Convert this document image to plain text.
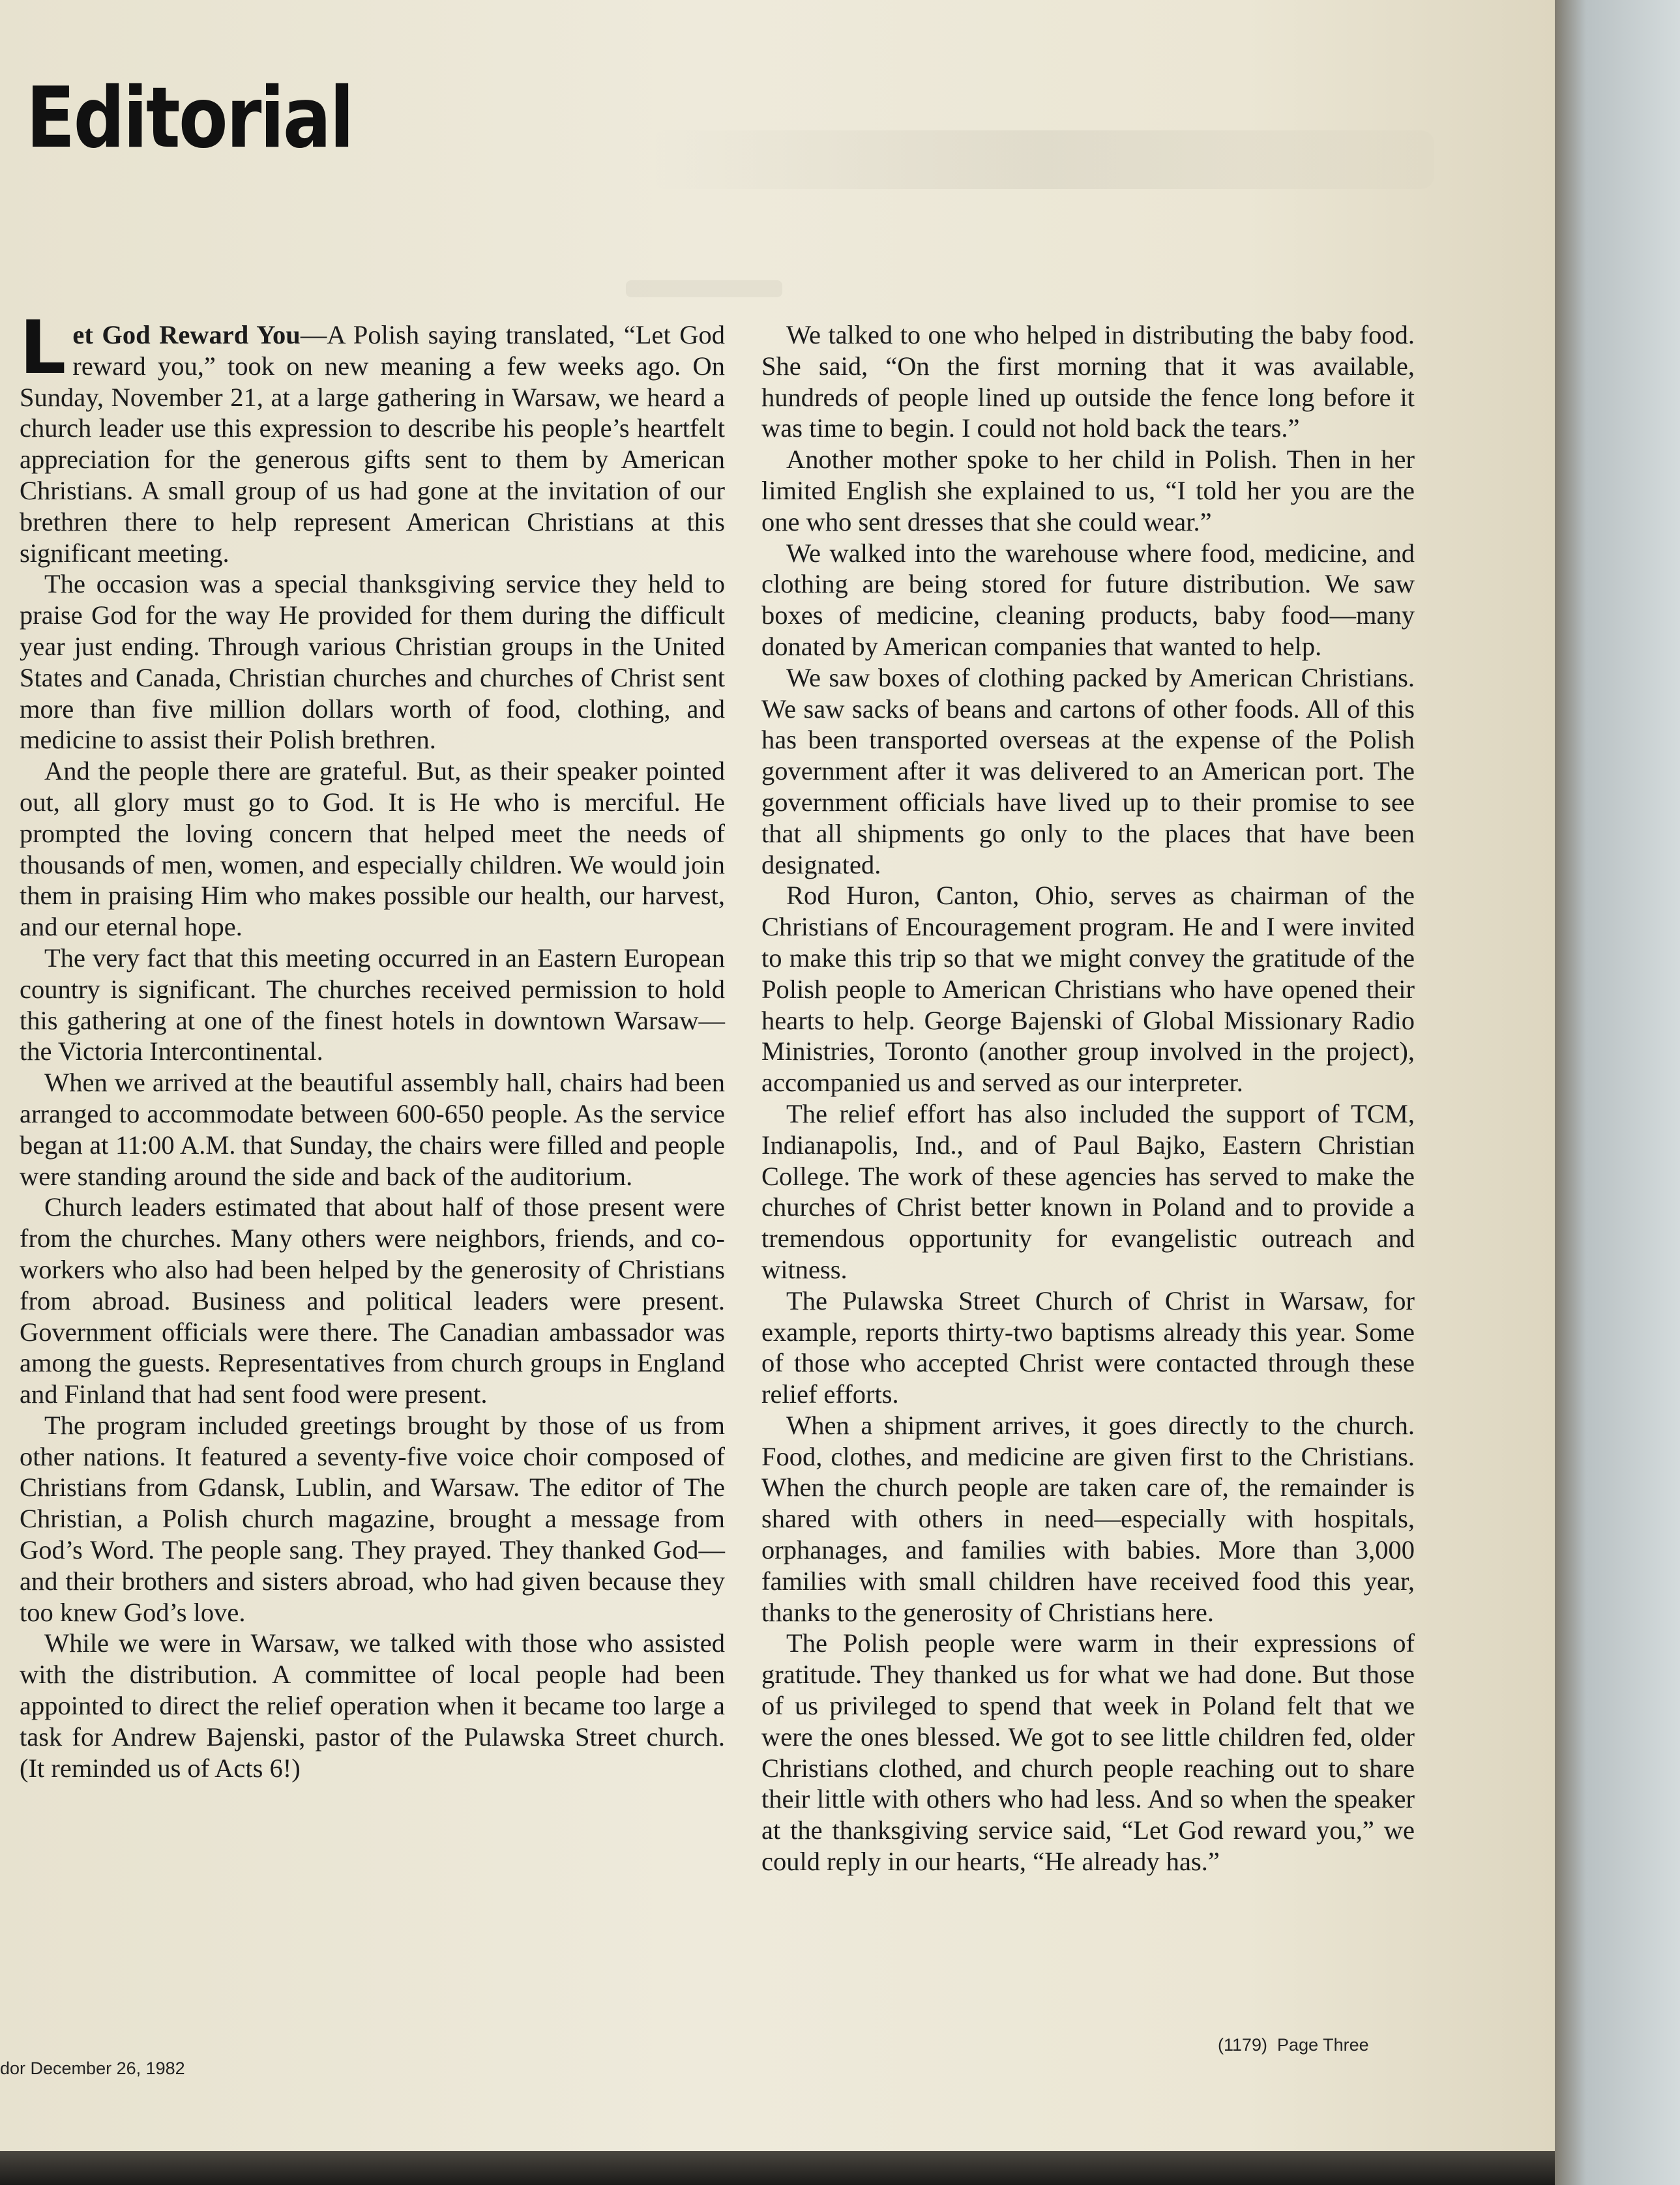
Editorial

Let God Reward You—A Polish saying translated, “Let God reward you,” took on new meaning a few weeks ago. On Sunday, November 21, at a large gathering in Warsaw, we heard a church leader use this expression to describe his people’s heartfelt appreciation for the generous gifts sent to them by American Christians. A small group of us had gone at the invitation of our brethren there to help represent American Christians at this significant meeting.

The occasion was a special thanksgiving service they held to praise God for the way He provided for them during the difficult year just ending. Through various Christian groups in the United States and Canada, Christian churches and churches of Christ sent more than five million dollars worth of food, clothing, and medicine to assist their Polish brethren.

And the people there are grateful. But, as their speaker pointed out, all glory must go to God. It is He who is merciful. He prompted the loving concern that helped meet the needs of thousands of men, women, and especially children. We would join them in praising Him who makes possible our health, our harvest, and our eternal hope.

The very fact that this meeting occurred in an Eastern European country is significant. The churches received permission to hold this gathering at one of the finest hotels in downtown Warsaw—the Victoria Intercontinental.

When we arrived at the beautiful assembly hall, chairs had been arranged to accommodate between 600-650 people. As the service began at 11:00 A.M. that Sunday, the chairs were filled and people were standing around the side and back of the auditorium.

Church leaders estimated that about half of those present were from the churches. Many others were neighbors, friends, and co-workers who also had been helped by the generosity of Christians from abroad. Business and political leaders were present. Government officials were there. The Canadian ambassador was among the guests. Representatives from church groups in England and Finland that had sent food were present.

The program included greetings brought by those of us from other nations. It featured a seventy-five voice choir composed of Christians from Gdansk, Lublin, and Warsaw. The editor of The Christian, a Polish church magazine, brought a message from God’s Word. The people sang. They prayed. They thanked God—and their brothers and sisters abroad, who had given because they too knew God’s love.

While we were in Warsaw, we talked with those who assisted with the distribution. A committee of local people had been appointed to direct the relief operation when it became too large a task for Andrew Bajenski, pastor of the Pulawska Street church. (It reminded us of Acts 6!)

We talked to one who helped in distributing the baby food. She said, “On the first morning that it was available, hundreds of people lined up outside the fence long before it was time to begin. I could not hold back the tears.”

Another mother spoke to her child in Polish. Then in her limited English she explained to us, “I told her you are the one who sent dresses that she could wear.”

We walked into the warehouse where food, medicine, and clothing are being stored for future distribution. We saw boxes of medicine, cleaning products, baby food—many donated by American companies that wanted to help.

We saw boxes of clothing packed by American Christians. We saw sacks of beans and cartons of other foods. All of this has been transported overseas at the expense of the Polish government after it was delivered to an American port. The government officials have lived up to their promise to see that all shipments go only to the places that have been designated.

Rod Huron, Canton, Ohio, serves as chairman of the Christians of Encouragement program. He and I were invited to make this trip so that we might convey the gratitude of the Polish people to American Christians who have opened their hearts to help. George Bajenski of Global Missionary Radio Ministries, Toronto (another group involved in the project), accompanied us and served as our interpreter.

The relief effort has also included the support of TCM, Indianapolis, Ind., and of Paul Bajko, Eastern Christian College. The work of these agencies has served to make the churches of Christ better known in Poland and to provide a tremendous opportunity for evangelistic outreach and witness.

The Pulawska Street Church of Christ in Warsaw, for example, reports thirty-two baptisms already this year. Some of those who accepted Christ were contacted through these relief efforts.

When a shipment arrives, it goes directly to the church. Food, clothes, and medicine are given first to the Christians. When the church people are taken care of, the remainder is shared with others in need—especially with hospitals, orphanages, and families with babies. More than 3,000 families with small children have received food this year, thanks to the generosity of Christians here.

The Polish people were warm in their expressions of gratitude. They thanked us for what we had done. But those of us privileged to spend that week in Poland felt that we were the ones blessed. We got to see little children fed, older Christians clothed, and church people reaching out to share their little with others who had less. And so when the speaker at the thanksgiving service said, “Let God reward you,” we could reply in our hearts, “He already has.”

dor December 26, 1982
(1179)  Page Three
